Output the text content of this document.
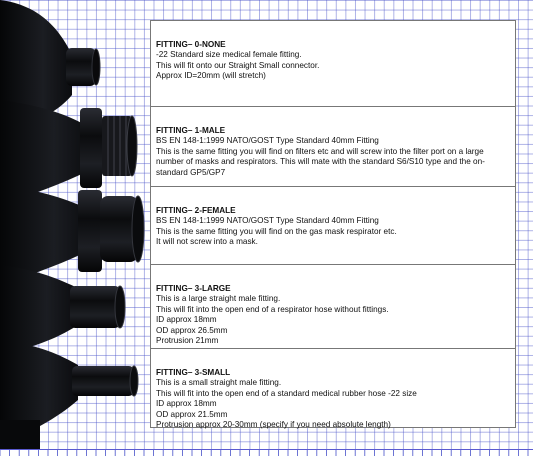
FITTING– 0-NONE
-22 Standard size medical female fitting.
This will fit onto our Straight Small connector.
Approx ID=20mm (will stretch)
FITTING– 1-MALE
BS EN 148-1:1999 NATO/GOST Type Standard 40mm Fitting
This is the same fitting you will find on filters etc and will screw into the filter port on a large number of masks and respirators. This will mate with the standard S6/S10 type and the on-standard GP5/GP7
FITTING– 2-FEMALE
BS EN 148-1:1999 NATO/GOST Type Standard 40mm Fitting
This is the same fitting you will find on the gas mask respirator etc.
It will not screw into a mask.
FITTING– 3-LARGE
This is a large straight male fitting.
This will fit into the open end of a respirator hose without fittings.
ID approx 18mm
OD approx 26.5mm
Protrusion 21mm
FITTING– 3-SMALL
This is a small straight male fitting.
This will fit into the open end of a standard medical rubber hose -22 size
ID approx 18mm
OD approx 21.5mm
Protrusion approx 20-30mm (specify if you need absolute length)
